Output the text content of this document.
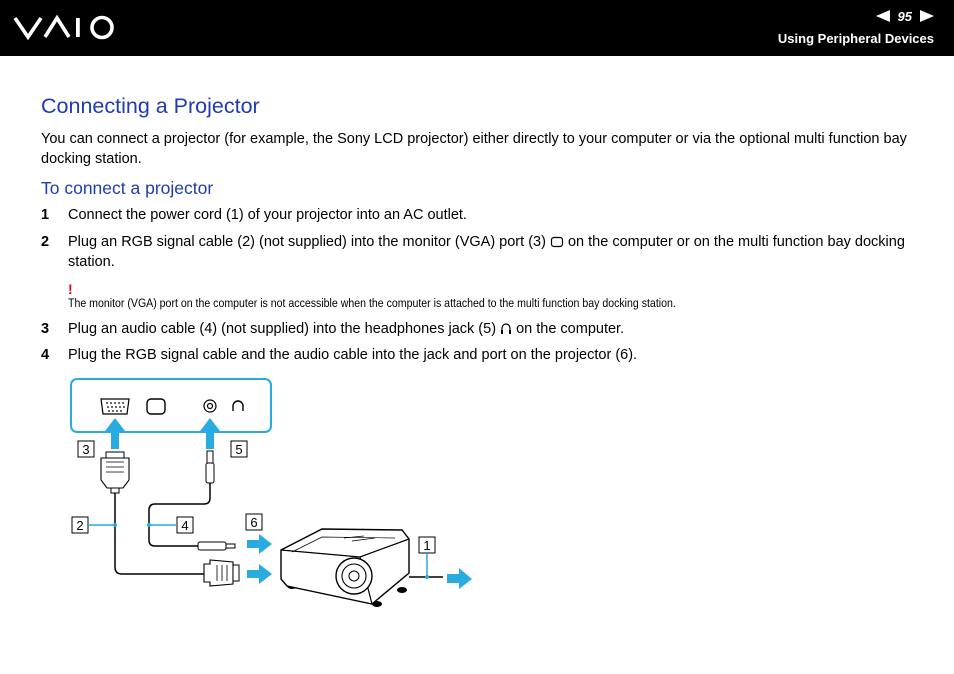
95
Using Peripheral Devices
Connecting a Projector

You can connect a projector (for example, the Sony LCD projector) either directly to your computer or via the optional multi function bay docking station.

To connect a projector
1 Connect the power cord (1) of your projector into an AC outlet.
2 Plug an RGB signal cable (2) (not supplied) into the monitor (VGA) port (3) on the computer or on the multi function bay docking station.
!
The monitor (VGA) port on the computer is not accessible when the computer is attached to the multi function bay docking station.
3 Plug an audio cable (4) (not supplied) into the headphones jack (5) on the computer.
4 Plug the RGB signal cable and the audio cable into the jack and port on the projector (6).
3	5
2	4	6
1
